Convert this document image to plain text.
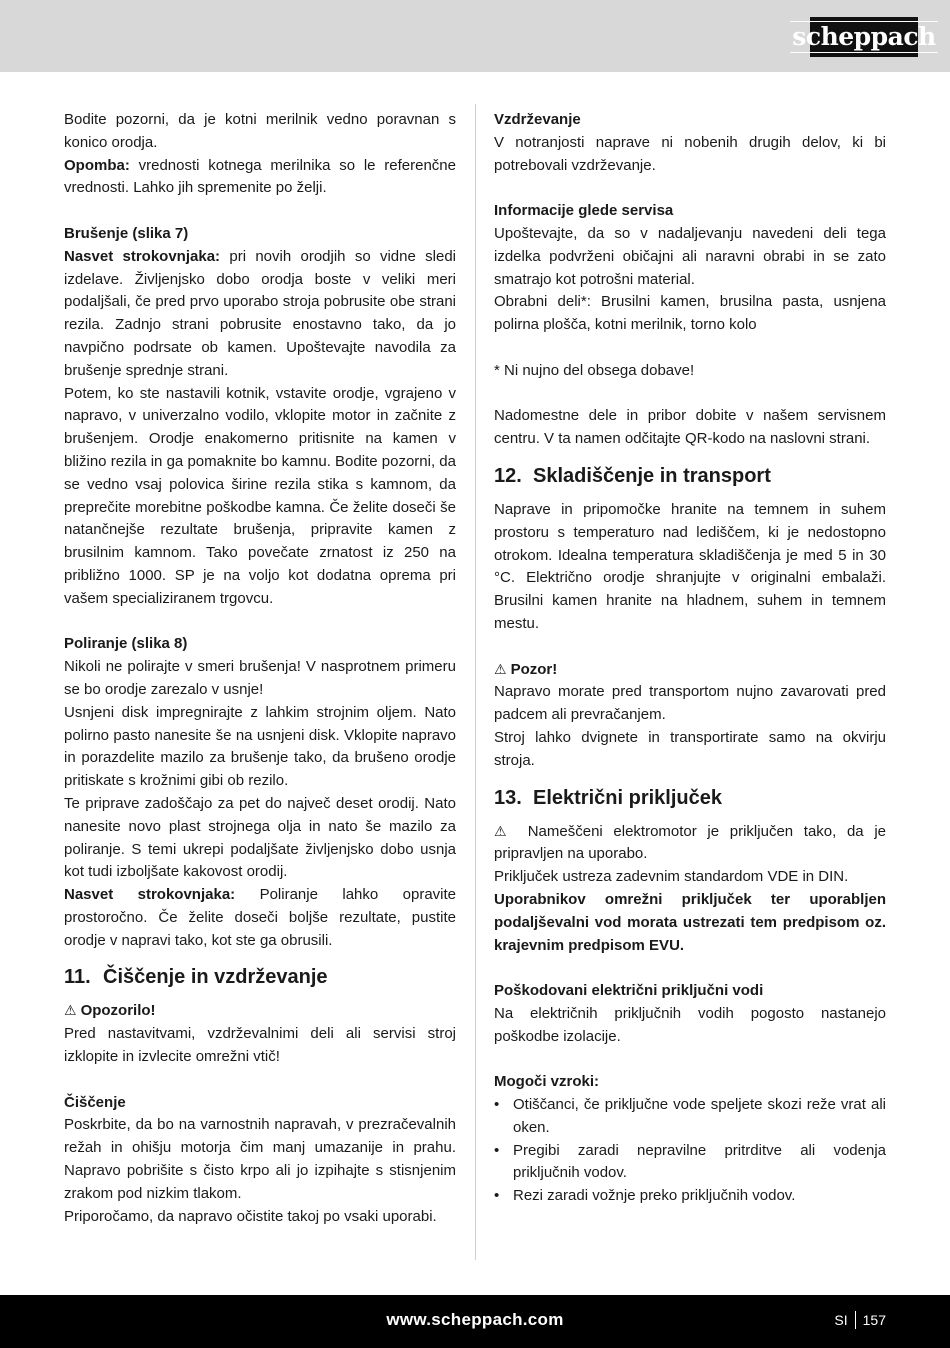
scheppach

Bodite pozorni, da je kotni merilnik vedno poravnan s konico orodja.

Opomba: vrednosti kotnega merilnika so le referenčne vrednosti. Lahko jih spremenite po želji.

Brušenje (slika 7)

Nasvet strokovnjaka: pri novih orodjih so vidne sledi izdelave. Življenjsko dobo orodja boste v veliki meri podaljšali, če pred prvo uporabo stroja pobrusite obe strani rezila. Zadnjo strani pobrusite enostavno tako, da jo navpično podrsate ob kamen. Upoštevajte navodila za brušenje sprednje strani.

Potem, ko ste nastavili kotnik, vstavite orodje, vgrajeno v napravo, v univerzalno vodilo, vklopite motor in začnite z brušenjem. Orodje enakomerno pritisnite na kamen v bližino rezila in ga pomaknite bo kamnu. Bodite pozorni, da se vedno vsaj polovica širine rezila stika s kamnom, da preprečite morebitne poškodbe kamna. Če želite doseči še natančnejše rezultate brušenja, pripravite kamen z brusilnim kamnom. Tako povečate zrnatost iz 250 na približno 1000. SP je na voljo kot dodatna oprema pri vašem specializiranem trgovcu.

Poliranje (slika 8)

Nikoli ne polirajte v smeri brušenja! V nasprotnem primeru se bo orodje zarezalo v usnje!

Usnjeni disk impregnirajte z lahkim strojnim oljem. Nato polirno pasto nanesite še na usnjeni disk. Vklopite napravo in porazdelite mazilo za brušenje tako, da brušeno orodje pritiskate s krožnimi gibi ob rezilo.

Te priprave zadoščajo za pet do največ deset orodij. Nato nanesite novo plast strojnega olja in nato še mazilo za poliranje. S temi ukrepi podaljšate življenjsko dobo usnja kot tudi izboljšate kakovost orodij.

Nasvet strokovnjaka: Poliranje lahko opravite prostoročno. Če želite doseči boljše rezultate, pustite orodje v napravi tako, kot ste ga obrusili.

11. Čiščenje in vzdrževanje

⚠ Opozorilo!

Pred nastavitvami, vzdrževalnimi deli ali servisi stroj izklopite in izvlecite omrežni vtič!

Čiščenje

Poskrbite, da bo na varnostnih napravah, v prezračevalnih režah in ohišju motorja čim manj umazanije in prahu. Napravo pobrišite s čisto krpo ali jo izpihajte s stisnjenim zrakom pod nizkim tlakom.

Priporočamo, da napravo očistite takoj po vsaki uporabi.

Vzdrževanje

V notranjosti naprave ni nobenih drugih delov, ki bi potrebovali vzdrževanje.

Informacije glede servisa

Upoštevajte, da so v nadaljevanju navedeni deli tega izdelka podvrženi običajni ali naravni obrabi in se zato smatrajo kot potrošni material.

Obrabni deli*: Brusilni kamen, brusilna pasta, usnjena polirna plošča, kotni merilnik, torno kolo

* Ni nujno del obsega dobave!

Nadomestne dele in pribor dobite v našem servisnem centru. V ta namen odčitajte QR-kodo na naslovni strani.

12. Skladiščenje in transport

Naprave in pripomočke hranite na temnem in suhem prostoru s temperaturo nad lediščem, ki je nedostopno otrokom. Idealna temperatura skladiščenja je med 5 in 30 °C. Električno orodje shranjujte v originalni embalaži. Brusilni kamen hranite na hladnem, suhem in temnem mestu.

⚠ Pozor!

Napravo morate pred transportom nujno zavarovati pred padcem ali prevračanjem.

Stroj lahko dvignete in transportirate samo na okvirju stroja.

13. Električni priključek

⚠ Nameščeni elektromotor je priključen tako, da je pripravljen na uporabo.

Priključek ustreza zadevnim standardom VDE in DIN.

Uporabnikov omrežni priključek ter uporabljen podaljševalni vod morata ustrezati tem predpisom oz. krajevnim predpisom EVU.

Poškodovani električni priključni vodi

Na električnih priključnih vodih pogosto nastanejo poškodbe izolacije.

Mogoči vzroki:

• Otiščanci, če priključne vode speljete skozi reže vrat ali oken.
• Pregibi zaradi nepravilne pritrditve ali vodenja priključnih vodov.
• Rezi zaradi vožnje preko priključnih vodov.
www.scheppach.com	SI 157
